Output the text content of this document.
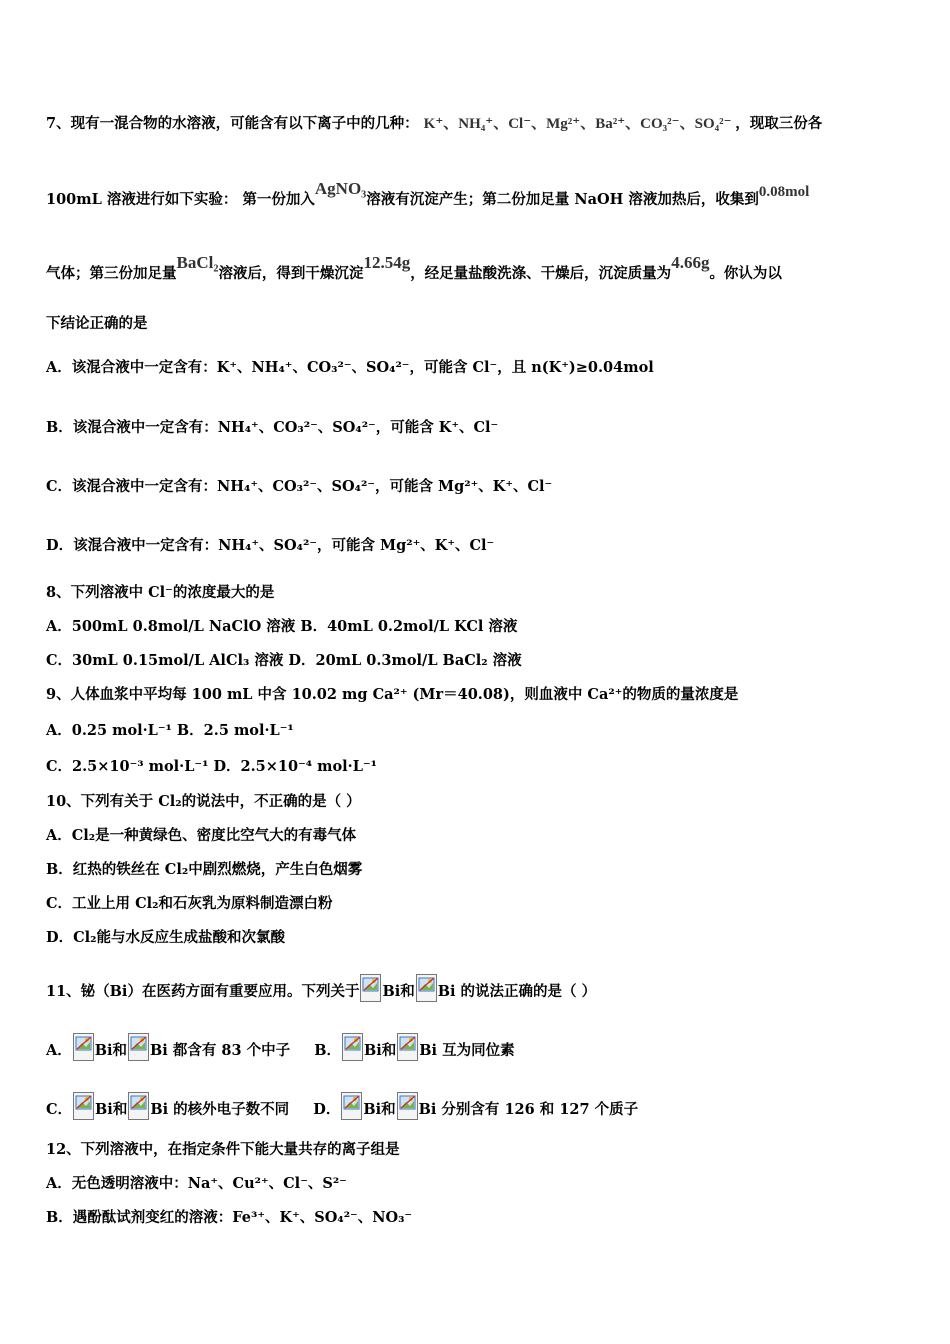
7、现有一混合物的水溶液，可能含有以下离子中的几种： K⁺、NH₄⁺、Cl⁻、Mg²⁺、Ba²⁺、CO₃²⁻、SO₄²⁻ ，现取三份各
100mL 溶液进行如下实验： 第一份加入AgNO₃溶液有沉淀产生；第二份加足量 NaOH 溶液加热后，收集到0.08mol
气体；第三份加足量BaCl₂溶液后，得到干燥沉淀12.54g，经足量盐酸洗涤、干燥后，沉淀质量为4.66g。你认为以
下结论正确的是
A．该混合液中一定含有：K⁺、NH₄⁺、CO₃²⁻、SO₄²⁻，可能含 Cl⁻，且 n(K⁺)≥0.04mol
B．该混合液中一定含有：NH₄⁺、CO₃²⁻、SO₄²⁻，可能含 K⁺、Cl⁻
C．该混合液中一定含有：NH₄⁺、CO₃²⁻、SO₄²⁻，可能含 Mg²⁺、K⁺、Cl⁻
D．该混合液中一定含有：NH₄⁺、SO₄²⁻，可能含 Mg²⁺、K⁺、Cl⁻
8、下列溶液中 Cl⁻的浓度最大的是
A．500mL 0.8mol/L NaClO 溶液 B．40mL 0.2mol/L KCl 溶液
C．30mL 0.15mol/L AlCl₃ 溶液 D．20mL 0.3mol/L BaCl₂ 溶液
9、人体血浆中平均每 100 mL 中含 10.02 mg Ca²⁺ (Mr＝40.08)，则血液中 Ca²⁺的物质的量浓度是
A．0.25 mol·L⁻¹ B．2.5 mol·L⁻¹
C．2.5×10⁻³ mol·L⁻¹ D．2.5×10⁻⁴ mol·L⁻¹
10、下列有关于 Cl₂的说法中，不正确的是（ ）
A．Cl₂是一种黄绿色、密度比空气大的有毒气体
B．红热的铁丝在 Cl₂中剧烈燃烧，产生白色烟雾
C．工业上用 Cl₂和石灰乳为原料制造漂白粉
D．Cl₂能与水反应生成盐酸和次氯酸
11、铋（Bi）在医药方面有重要应用。下列关于 Bi和 Bi 的说法正确的是（ ）
A． Bi和 Bi 都含有 83 个中子 B． Bi和 Bi 互为同位素
C． Bi和 Bi 的核外电子数不同 D． Bi和 Bi 分别含有 126 和 127 个质子
12、下列溶液中，在指定条件下能大量共存的离子组是
A．无色透明溶液中：Na⁺、Cu²⁺、Cl⁻、S²⁻
B．遇酚酞试剂变红的溶液：Fe³⁺、K⁺、SO₄²⁻、NO₃⁻
